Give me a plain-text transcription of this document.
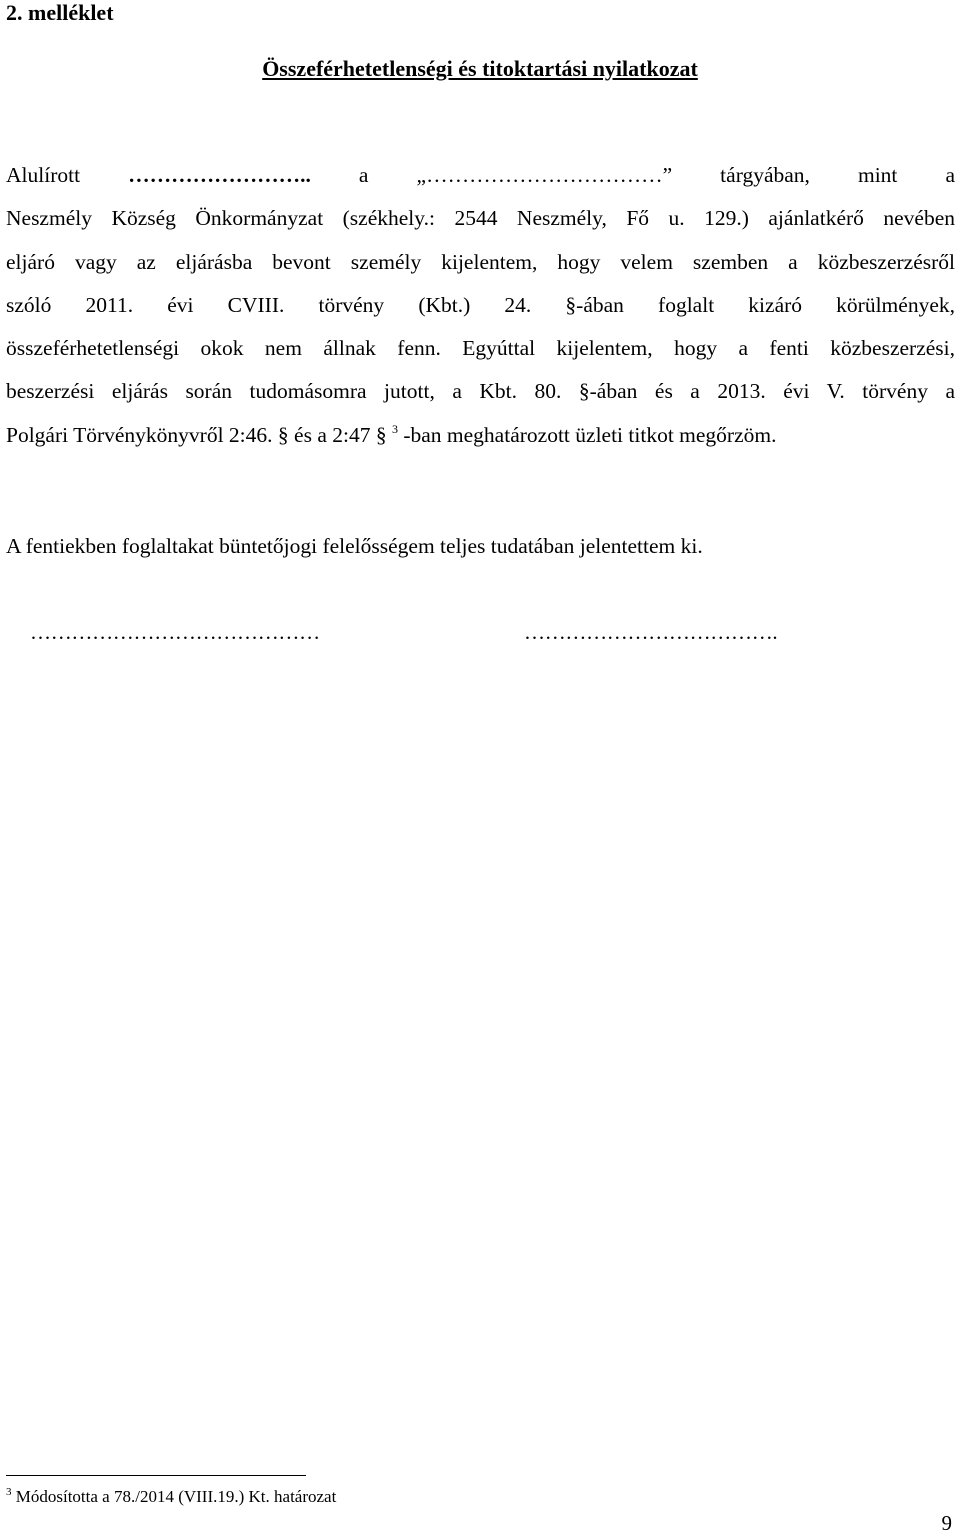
2. melléklet

Összeférhetetlenségi és titoktartási nyilatkozat
Alulírott …………………….. a „……………………………” tárgyában, mint a
Neszmély Község Önkormányzat (székhely.: 2544 Neszmély, Fő u. 129.) ajánlatkérő nevében
eljáró vagy az eljárásba bevont személy kijelentem, hogy velem szemben a közbeszerzésről
szóló 2011. évi CVIII. törvény (Kbt.) 24. §-ában foglalt kizáró körülmények,
összeférhetetlenségi okok nem állnak fenn. Egyúttal kijelentem, hogy a fenti közbeszerzési,
beszerzési eljárás során tudomásomra jutott, a Kbt. 80. §-ában és a 2013. évi V. törvény a
Polgári Törvénykönyvről 2:46. § és a 2:47 § $^3$ -ban meghatározott üzleti titkot megőrzöm.

A fentiekben foglaltakat büntetőjogi felelősségem teljes tudatában jelentettem ki.

……………………………………	……………………………….

$^3$ Módosította a 78./2014 (VIII.19.) Kt. határozat

9
